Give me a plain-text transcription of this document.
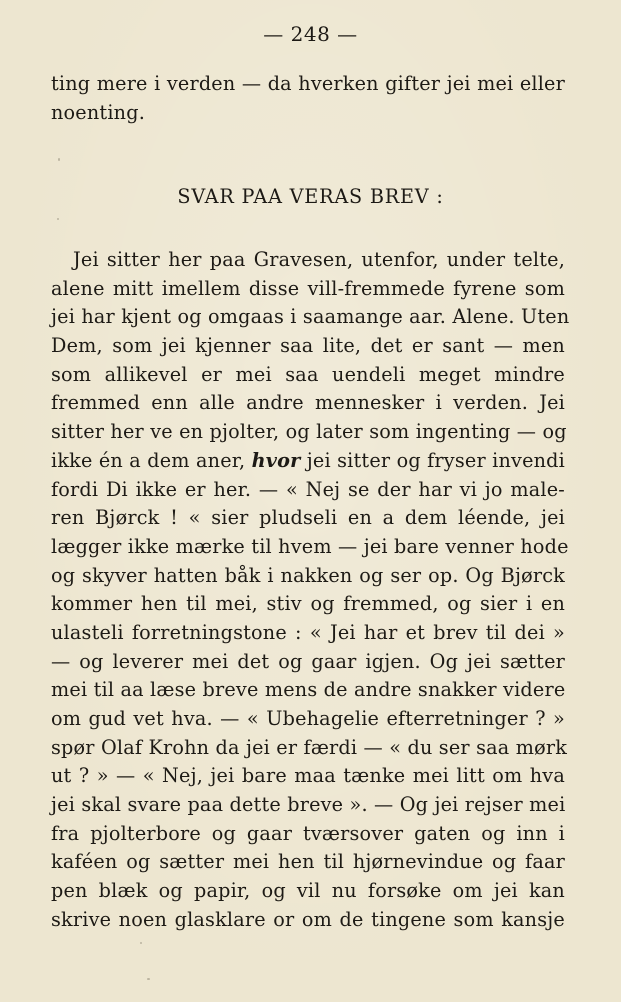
— 248 —
ting mere i verden — da hverken gifter jei mei eller
noenting.
SVAR PAA VERAS BREV :
Jei sitter her paa Gravesen, utenfor, under telte,
alene mitt imellem disse vill-fremmede fyrene som
jei har kjent og omgaas i saamange aar. Alene. Uten
Dem, som jei kjenner saa lite, det er sant — men
som allikevel er mei saa uendeli meget mindre
fremmed enn alle andre mennesker i verden. Jei
sitter her ve en pjolter, og later som ingenting — og
ikke én a dem aner, hvor jei sitter og fryser invendi
fordi Di ikke er her. — « Nej se der har vi jo male-
ren Bjørck ! « sier pludseli en a dem léende, jei
lægger ikke mærke til hvem — jei bare venner hode
og skyver hatten båk i nakken og ser op. Og Bjørck
kommer hen til mei, stiv og fremmed, og sier i en
ulasteli forretningstone : « Jei har et brev til dei »
— og leverer mei det og gaar igjen. Og jei sætter
mei til aa læse breve mens de andre snakker videre
om gud vet hva. — « Ubehagelie efterretninger ? »
spør Olaf Krohn da jei er færdi — « du ser saa mørk
ut ? » — « Nej, jei bare maa tænke mei litt om hva
jei skal svare paa dette breve ». — Og jei rejser mei
fra pjolterbore og gaar tværsover gaten og inn i
kaféen og sætter mei hen til hjørnevindue og faar
pen blæk og papir, og vil nu forsøke om jei kan
skrive noen glasklare or om de tingene som kansje
